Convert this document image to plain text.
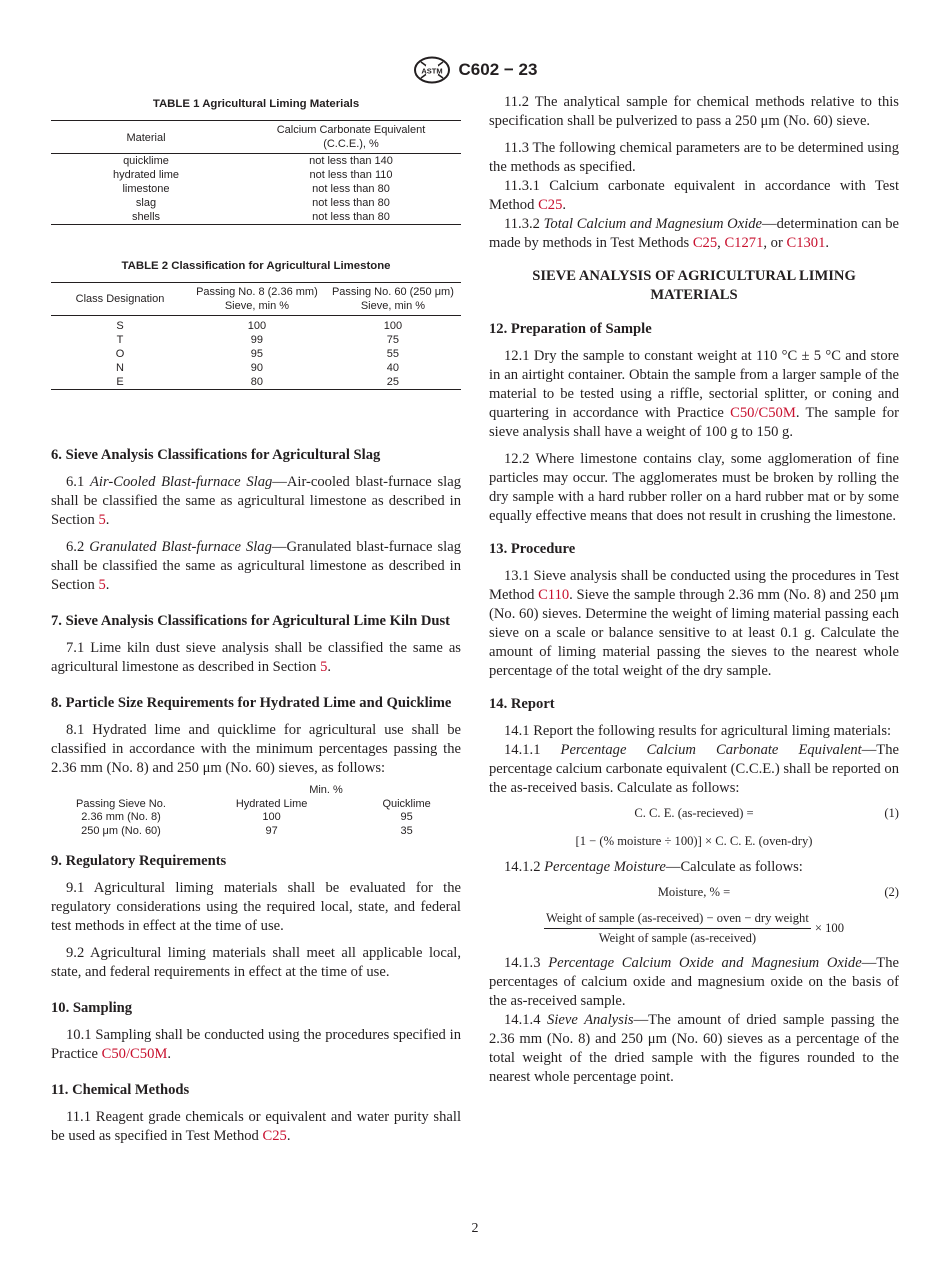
ASTM C602 − 23

TABLE 1 Agricultural Liming Materials

Material	Calcium Carbonate Equivalent
	(C.C.E.), %
quicklime	not less than 140
hydrated lime	not less than 110
limestone	not less than 80
slag	not less than 80
shells	not less than 80

TABLE 2 Classification for Agricultural Limestone

Class Designation	Passing No. 8 (2.36 mm)	Passing No. 60 (250 μm)
	Sieve, min %	Sieve, min %
S	100	100
T	99	75
O	95	55
N	90	40
E	80	25
6. Sieve Analysis Classifications for Agricultural Slag

6.1 Air-Cooled Blast-furnace Slag—Air-cooled blast-furnace slag shall be classified the same as agricultural limestone as described in Section 5.

6.2 Granulated Blast-furnace Slag—Granulated blast-furnace slag shall be classified the same as agricultural limestone as described in Section 5.

7. Sieve Analysis Classifications for Agricultural Lime Kiln Dust

7.1 Lime kiln dust sieve analysis shall be classified the same as agricultural limestone as described in Section 5.

8. Particle Size Requirements for Hydrated Lime and Quicklime

8.1 Hydrated lime and quicklime for agricultural use shall be classified in accordance with the minimum percentages passing the 2.36 mm (No. 8) and 250 μm (No. 60) sieves, as follows:

	Min. %	
Passing Sieve No.	Hydrated Lime	Quicklime
2.36 mm (No. 8)	100	95
250 μm (No. 60)	97	35
9. Regulatory Requirements

9.1 Agricultural liming materials shall be evaluated for the regulatory considerations using the required local, state, and federal test methods in effect at the time of use.

9.2 Agricultural liming materials shall meet all applicable local, state, and federal requirements in effect at the time of use.

10. Sampling

10.1 Sampling shall be conducted using the procedures specified in Practice C50/C50M.

11. Chemical Methods

11.1 Reagent grade chemicals or equivalent and water purity shall be used as specified in Test Method C25.

11.2 The analytical sample for chemical methods relative to this specification shall be pulverized to pass a 250 μm (No. 60) sieve.

11.3 The following chemical parameters are to be determined using the methods as specified.

11.3.1 Calcium carbonate equivalent in accordance with Test Method C25.

11.3.2 Total Calcium and Magnesium Oxide—determination can be made by methods in Test Methods C25, C1271, or C1301.

SIEVE ANALYSIS OF AGRICULTURAL LIMING MATERIALS

12. Preparation of Sample

12.1 Dry the sample to constant weight at 110 °C ± 5 °C and store in an airtight container. Obtain the sample from a larger sample of the material to be tested using a riffle, sectorial splitter, or coning and quartering in accordance with Practice C50/C50M. The sample for sieve analysis shall have a weight of 100 g to 150 g.

12.2 Where limestone contains clay, some agglomeration of fine particles may occur. The agglomerates must be broken by rolling the dry sample with a hard rubber roller on a hard rubber mat or by some equally effective means that does not result in crushing the limestone.

13. Procedure

13.1 Sieve analysis shall be conducted using the procedures in Test Method C110. Sieve the sample through 2.36 mm (No. 8) and 250 μm (No. 60) sieves. Determine the weight of liming material passing each sieve on a scale or balance sensitive to at least 0.1 g. Calculate the amount of liming material passing the sieves to the nearest whole percentage of the total weight of the dry sample.

14. Report

14.1 Report the following results for agricultural liming materials:

14.1.1 Percentage Calcium Carbonate Equivalent—The percentage calcium carbonate equivalent (C.C.E.) shall be reported on the as-received basis. Calculate as follows:

C. C. E. (as-recieved) =	(1)
[1 − (% moisture ÷ 100)] × C. C. E. (oven-dry)

14.1.2 Percentage Moisture—Calculate as follows:

Moisture, % =	(2)
$\frac{\text{Weight of sample (as-received) − oven − dry weight}}{\text{Weight of sample (as-received)}} \times 100$

14.1.3 Percentage Calcium Oxide and Magnesium Oxide—The percentages of calcium oxide and magnesium oxide on the basis of the as-received sample.

14.1.4 Sieve Analysis—The amount of dried sample passing the 2.36 mm (No. 8) and 250 μm (No. 60) sieves as a percentage of the total weight of the dried sample with the figures rounded to the nearest whole percentage point.

2
